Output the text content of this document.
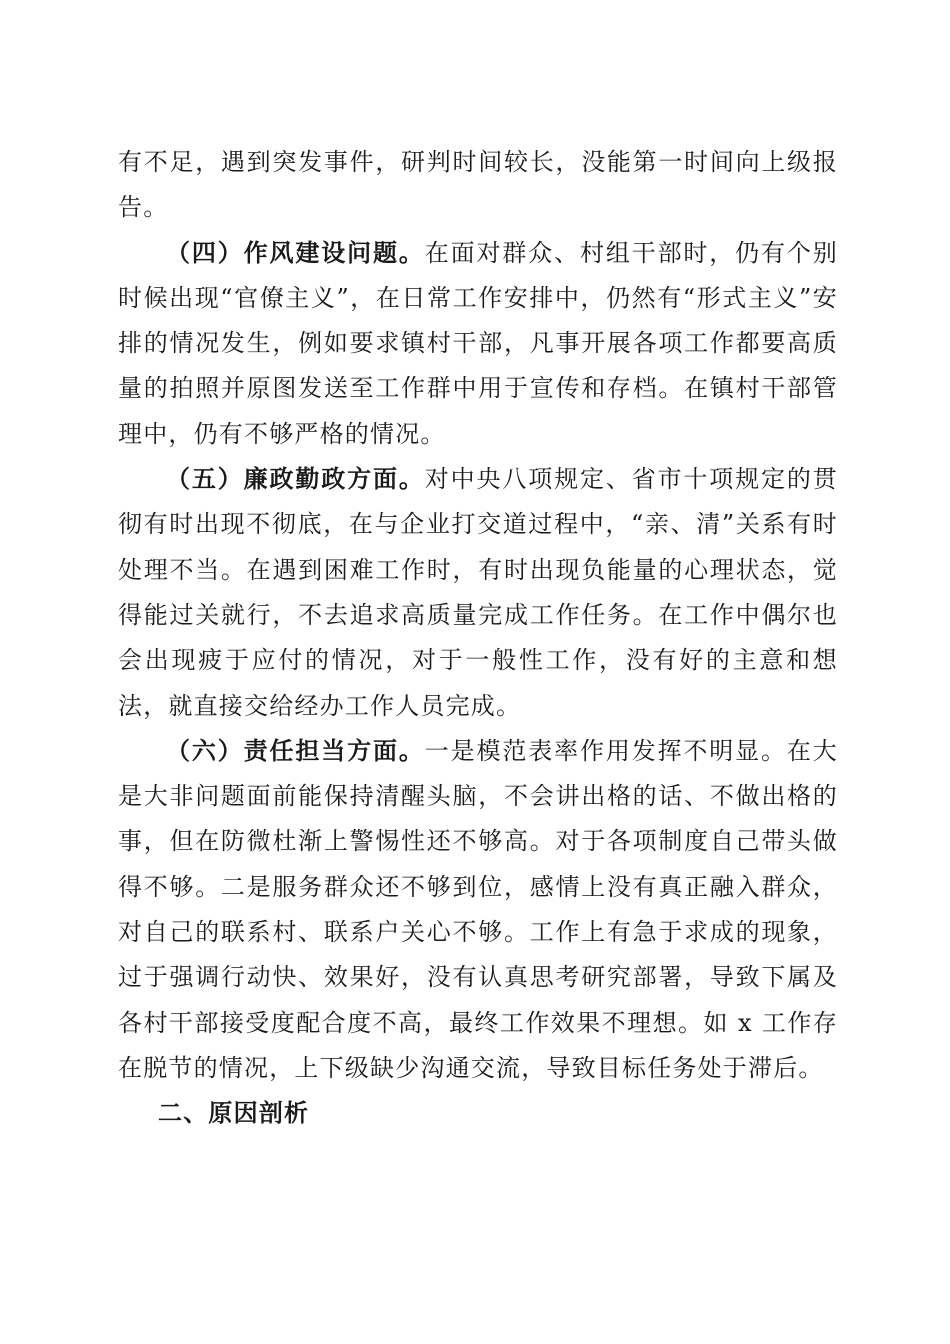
有不足，遇到突发事件，研判时间较长，没能第一时间向上级报告。

（四）作风建设问题。在面对群众、村组干部时，仍有个别时候出现“官僚主义”，在日常工作安排中，仍然有“形式主义”安排的情况发生，例如要求镇村干部，凡事开展各项工作都要高质量的拍照并原图发送至工作群中用于宣传和存档。在镇村干部管理中，仍有不够严格的情况。

（五）廉政勤政方面。对中央八项规定、省市十项规定的贯彻有时出现不彻底，在与企业打交道过程中，“亲、清”关系有时处理不当。在遇到困难工作时，有时出现负能量的心理状态，觉得能过关就行，不去追求高质量完成工作任务。在工作中偶尔也会出现疲于应付的情况，对于一般性工作，没有好的主意和想法，就直接交给经办工作人员完成。

（六）责任担当方面。一是模范表率作用发挥不明显。在大是大非问题面前能保持清醒头脑，不会讲出格的话、不做出格的事，但在防微杜渐上警惕性还不够高。对于各项制度自己带头做得不够。二是服务群众还不够到位，感情上没有真正融入群众，对自己的联系村、联系户关心不够。工作上有急于求成的现象，过于强调行动快、效果好，没有认真思考研究部署，导致下属及各村干部接受度配合度不高，最终工作效果不理想。如 x 工作存在脱节的情况，上下级缺少沟通交流，导致目标任务处于滞后。

二、原因剖析
